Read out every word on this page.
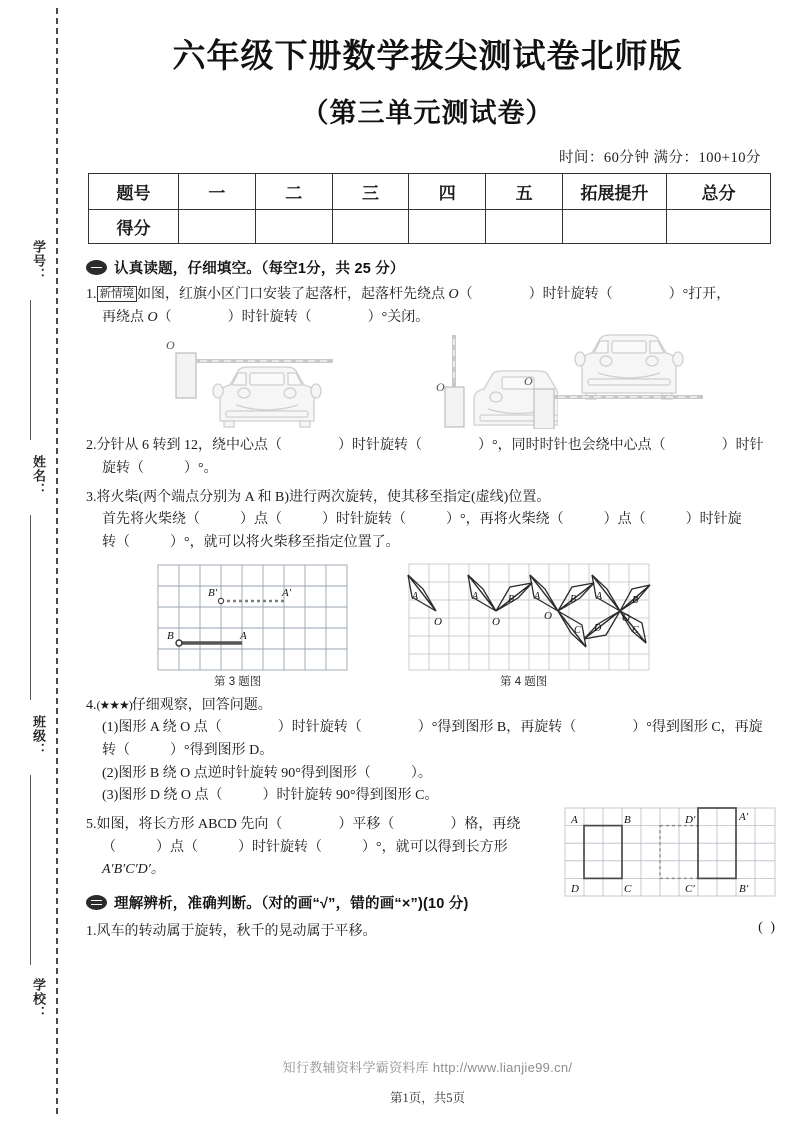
学号：
姓名：
班级：
学校：
六年级下册数学拔尖测试卷北师版
（第三单元测试卷）
时间：60分钟 满分：100+10分
题号	一	二	三	四	五	拓展提升	总分
得分							
认真读题，仔细填空。（每空1分，共 25 分）
1. 新情境 如图，红旗小区门口安装了起落杆，起落杆先绕点 O（	）时针旋转（	）°打开，
再绕点 O（	）时针旋转（	）°关闭。
O
O	O
2.分针从 6 转到 12，绕中心点（	）时针旋转（	）°，同时时针也会绕中心点（	）时针
旋转（	）°。
3.将火柴(两个端点分别为 A 和 B)进行两次旋转，使其移至指定(虚线)位置。
首先将火柴绕（	）点（	）时针旋转（	）°，再将火柴绕（	）点（	）时针旋
转（	）°，就可以将火柴移至指定位置了。
B′	A′
B	A
第 3 题图
A
O
A	B
O
A	B
C
O
A	B
C
D
O
第 4 题图
4.(★★★)仔细观察，回答问题。
(1)图形 A 绕 O 点（	）时针旋转（	）°得到图形 B，再旋转（	）°得到图形 C，再旋
转（	）°得到图形 D。
(2)图形 B 绕 O 点逆时针旋转 90°得到图形（	）。
(3)图形 D 绕 O 点（	）时针旋转 90°得到图形 C。
A	B
D	C
D′	A′
C′	B′
5.如图，将长方形 ABCD 先向（	）平移（	）格，再绕
（	）点（	）时针旋转（	）°，就可以得到长方形
A′B′C′D′。
理解辨析，准确判断。（对的画“√”，错的画“×”)(10 分)
1.风车的转动属于旋转，秋千的晃动属于平移。	( )
知行教辅资料学霸资料库 http://www.lianjie99.cn/
第1页，共5页
